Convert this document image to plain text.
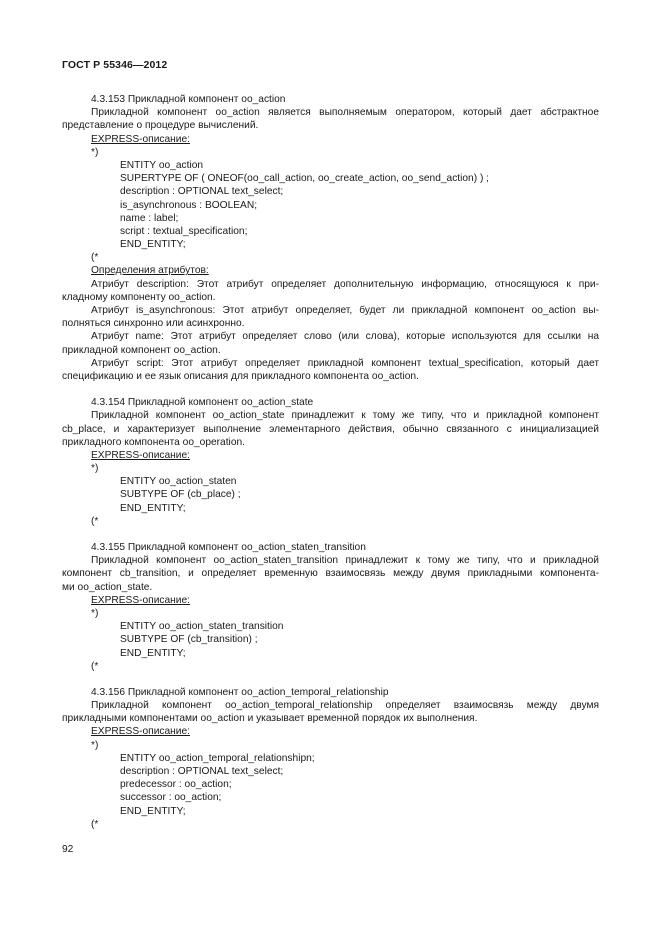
ГОСТ Р 55346—2012
4.3.153 Прикладной компонент oo_action
Прикладной компонент oo_action является выполняемым оператором, который дает абстрактное
представление о процедуре вычислений.
EXPRESS-описание:
*)
ENTITY oo_action
SUPERTYPE OF ( ONEOF(oo_call_action, oo_create_action, oo_send_action) ) ;
description : OPTIONAL text_select;
is_asynchronous : BOOLEAN;
name : label;
script : textual_specification;
END_ENTITY;
(*
Определения атрибутов:
Атрибут description: Этот атрибут определяет дополнительную информацию, относящуюся к при-
кладному компоненту oo_action.
Атрибут is_asynchronous: Этот атрибут определяет, будет ли прикладной компонент oo_action вы-
полняться синхронно или асинхронно.
Атрибут name: Этот атрибут определяет слово (или слова), которые используются для ссылки на
прикладной компонент oo_action.
Атрибут script: Этот атрибут определяет прикладной компонент textual_specification, который дает
спецификацию и ее язык описания для прикладного компонента oo_action.
4.3.154 Прикладной компонент oo_action_state
Прикладной компонент oo_action_state принадлежит к тому же типу, что и прикладной компонент
cb_place, и характеризует выполнение элементарного действия, обычно связанного с инициализацией
прикладного компонента oo_operation.
EXPRESS-описание:
*)
ENTITY oo_action_staten
SUBTYPE OF (cb_place) ;
END_ENTITY;
(*
4.3.155 Прикладной компонент oo_action_staten_transition
Прикладной компонент oo_action_staten_transition принадлежит к тому же типу, что и прикладной
компонент cb_transition, и определяет временную взаимосвязь между двумя прикладными компонента-
ми oo_action_state.
EXPRESS-описание:
*)
ENTITY oo_action_staten_transition
SUBTYPE OF (cb_transition) ;
END_ENTITY;
(*
4.3.156 Прикладной компонент oo_action_temporal_relationship
Прикладной компонент oo_action_temporal_relationship определяет взаимосвязь между двумя
прикладными компонентами oo_action и указывает временной порядок их выполнения.
EXPRESS-описание:
*)
ENTITY oo_action_temporal_relationshipn;
description : OPTIONAL text_select;
predecessor : oo_action;
successor : oo_action;
END_ENTITY;
(*
92
